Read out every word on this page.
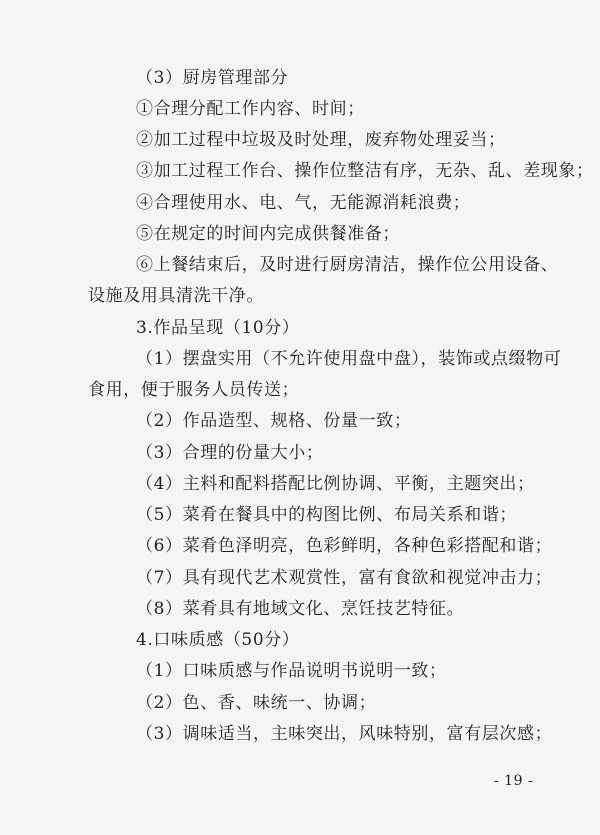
（3）厨房管理部分
①合理分配工作内容、时间；
②加工过程中垃圾及时处理，废弃物处理妥当；
③加工过程工作台、操作位整洁有序，无杂、乱、差现象；
④合理使用水、电、气，无能源消耗浪费；
⑤在规定的时间内完成供餐准备；
⑥上餐结束后，及时进行厨房清洁，操作位公用设备、
设施及用具清洗干净。
3.作品呈现（10分）
（1）摆盘实用（不允许使用盘中盘），装饰或点缀物可
食用，便于服务人员传送；
（2）作品造型、规格、份量一致；
（3）合理的份量大小；
（4）主料和配料搭配比例协调、平衡，主题突出；
（5）菜肴在餐具中的构图比例、布局关系和谐；
（6）菜肴色泽明亮，色彩鲜明，各种色彩搭配和谐；
（7）具有现代艺术观赏性，富有食欲和视觉冲击力；
（8）菜肴具有地域文化、烹饪技艺特征。
4.口味质感（50分）
（1）口味质感与作品说明书说明一致；
（2）色、香、味统一、协调；
（3）调味适当，主味突出，风味特别，富有层次感；
- 19 -
